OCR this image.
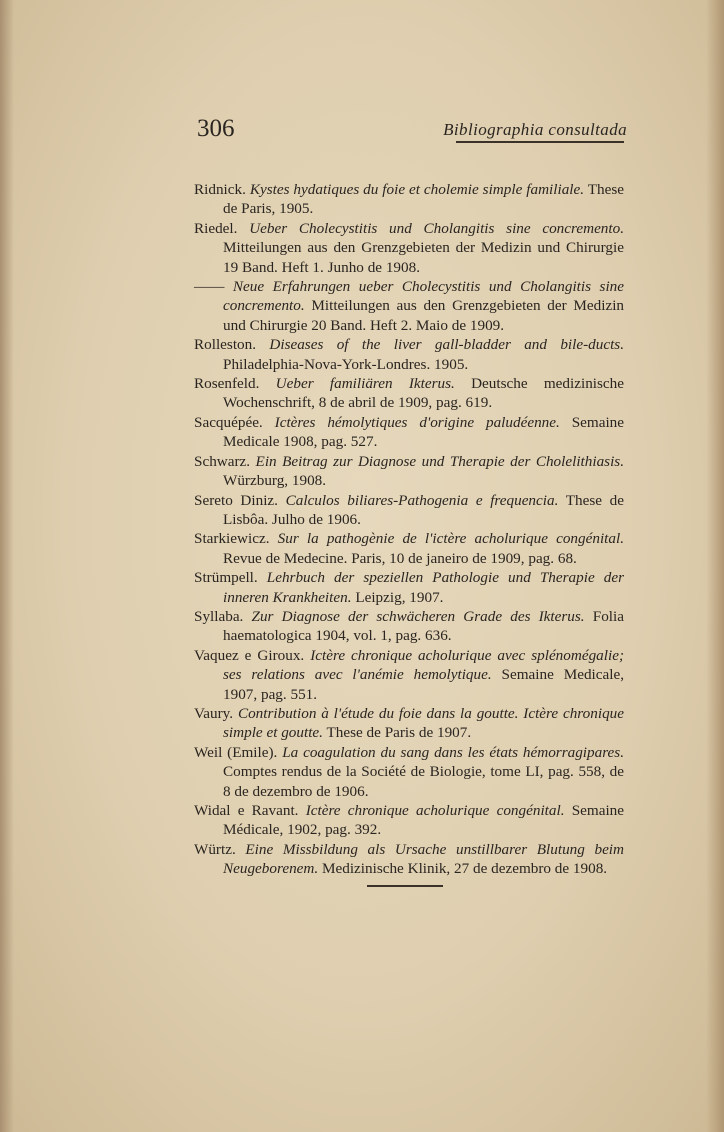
306	Bibliographia consultada

Ridnick. Kystes hydatiques du foie et cholemie simple familiale. These de Paris, 1905.

Riedel. Ueber Cholecystitis und Cholangitis sine concremento. Mitteilungen aus den Grenzgebieten der Medizin und Chirurgie 19 Band. Heft 1. Junho de 1908.

—— Neue Erfahrungen ueber Cholecystitis und Cholangitis sine concremento. Mitteilungen aus den Grenzgebieten der Medizin und Chirurgie 20 Band. Heft 2. Maio de 1909.

Rolleston. Diseases of the liver gall-bladder and bile-ducts. Philadelphia-Nova-York-Londres. 1905.

Rosenfeld. Ueber familiären Ikterus. Deutsche medizinische Wochenschrift, 8 de abril de 1909, pag. 619.

Sacquépée. Ictères hémolytiques d'origine paludéenne. Semaine Medicale 1908, pag. 527.

Schwarz. Ein Beitrag zur Diagnose und Therapie der Cholelithiasis. Würzburg, 1908.

Sereto Diniz. Calculos biliares-Pathogenia e frequencia. These de Lisbôa. Julho de 1906.

Starkiewicz. Sur la pathogènie de l'ictère acholurique congénital. Revue de Medecine. Paris, 10 de janeiro de 1909, pag. 68.

Strümpell. Lehrbuch der speziellen Pathologie und Therapie der inneren Krankheiten. Leipzig, 1907.

Syllaba. Zur Diagnose der schwächeren Grade des Ikterus. Folia haematologica 1904, vol. 1, pag. 636.

Vaquez e Giroux. Ictère chronique acholurique avec splénomégalie; ses relations avec l'anémie hemolytique. Semaine Medicale, 1907, pag. 551.

Vaury. Contribution à l'étude du foie dans la goutte. Ictère chronique simple et goutte. These de Paris de 1907.

Weil (Emile). La coagulation du sang dans les états hémorragipares. Comptes rendus de la Société de Biologie, tome LI, pag. 558, de 8 de dezembro de 1906.

Widal e Ravant. Ictère chronique acholurique congénital. Semaine Médicale, 1902, pag. 392.

Würtz. Eine Missbildung als Ursache unstillbarer Blutung beim Neugeborenem. Medizinische Klinik, 27 de dezembro de 1908.
